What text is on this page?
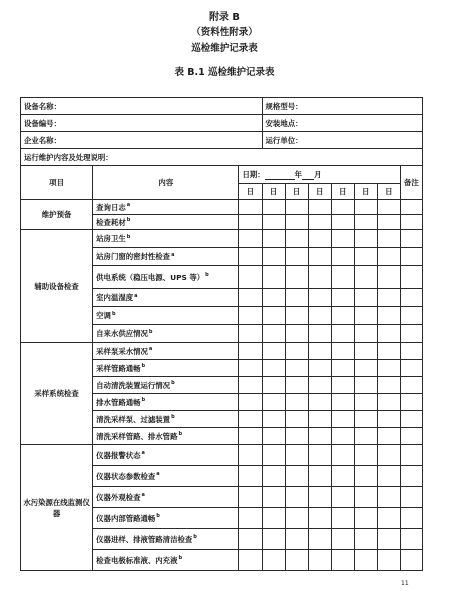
附录 B
（资料性附录）
巡检维护记录表
表 B.1 巡检维护记录表
设备名称：			规格型号：						
设备编号：			安装地点：						
企业名称：			运行单位：						
运行维护内容及处理说明：									
项目	内容	日期： 年 月							备注
		日	日	日	日	日	日	日	
维护预备	查询日志$^a$								
	检查耗材$^b$								
辅助设备检查	站房卫生$^b$								
	站房门窗的密封性检查$^a$								
	供电系统（稳压电源、UPS 等）$^b$								
	室内温湿度$^a$								
	空调$^b$								
	自来水供应情况$^b$								
采样系统检查	采样泵采水情况$^a$								
	采样管路通畅$^b$								
	自动清洗装置运行情况$^b$								
	排水管路通畅$^b$								
	清洗采样泵、过滤装置$^b$								
	清洗采样管路、排水管路$^b$								
水污染源在线监测仪器	仪器报警状态$^a$								
	仪器状态参数检查$^a$								
	仪器外观检查$^a$								
	仪器内部管路通畅$^b$								
	仪器进样、排液管路清洁检查$^b$								
	检查电极标准液、内充液$^b$								
11
